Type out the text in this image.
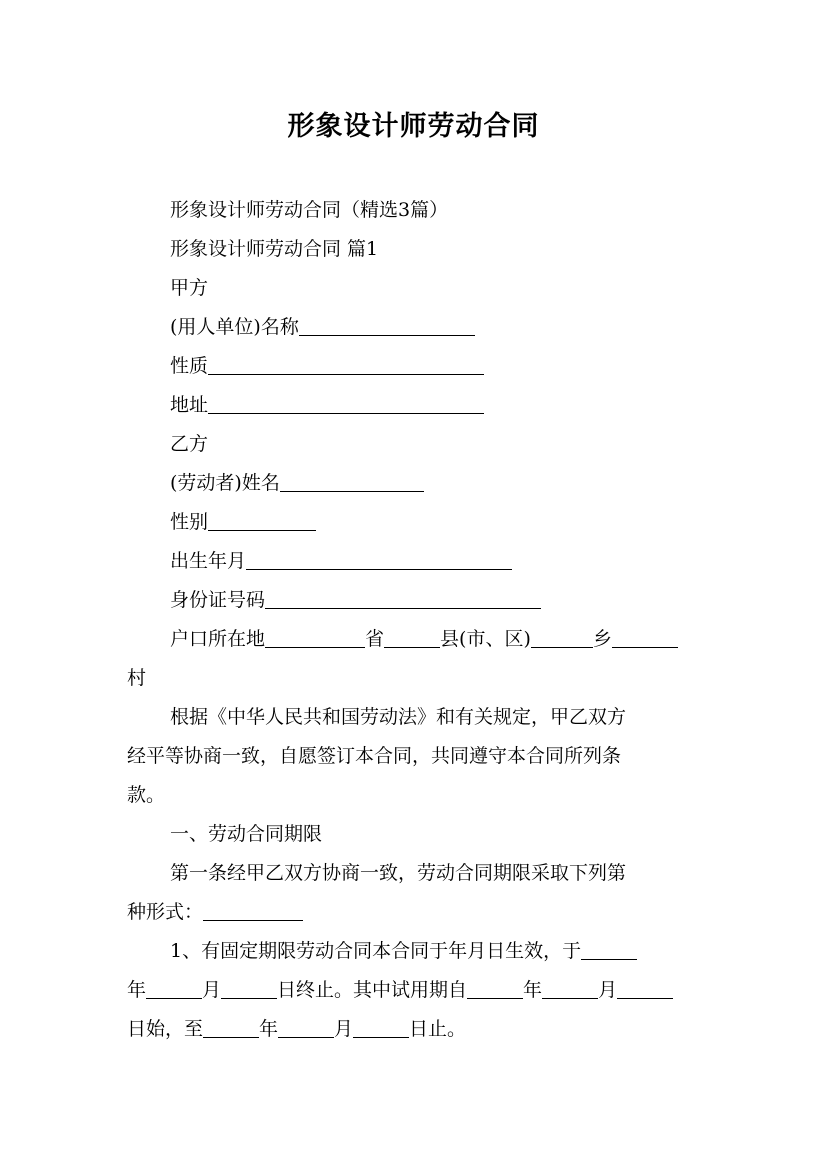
形象设计师劳动合同
形象设计师劳动合同（精选3篇）
形象设计师劳动合同 篇1
甲方
(用人单位)名称
性质
地址
乙方
(劳动者)姓名
性别
出生年月
身份证号码
户口所在地	省	县(市、区)	乡
村
根据《中华人民共和国劳动法》和有关规定，甲乙双方
经平等协商一致，自愿签订本合同，共同遵守本合同所列条
款。
一、劳动合同期限
第一条经甲乙双方协商一致，劳动合同期限采取下列第
种形式：
1、有固定期限劳动合同本合同于年月日生效，于
年	月	日终止。其中试用期自	年	月
日始，至	年	月	日止。
